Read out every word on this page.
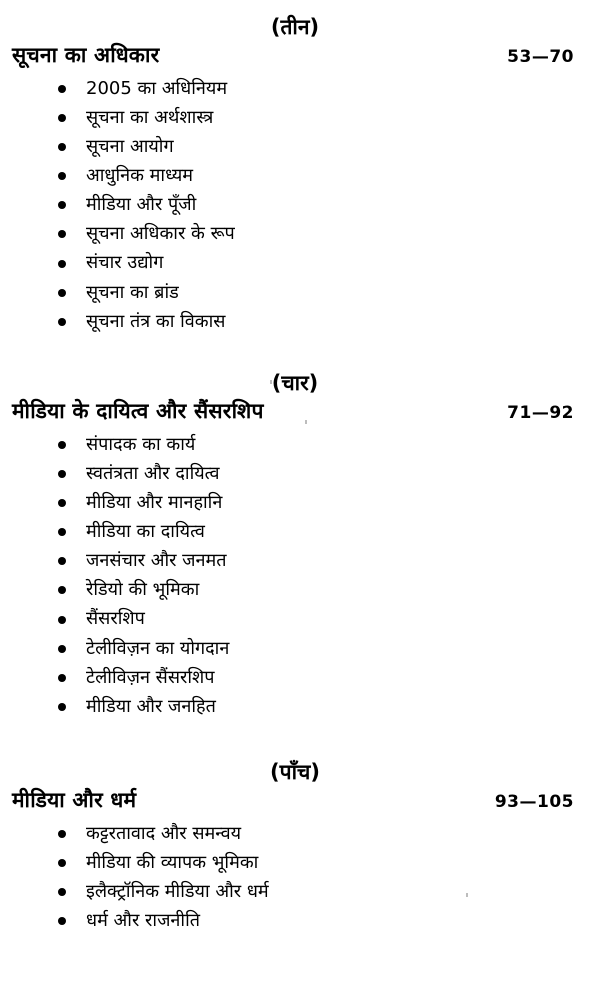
(तीन)
सूचना का अधिकार	53—70
2005 का अधिनियम
सूचना का अर्थशास्त्र
सूचना आयोग
आधुनिक माध्यम
मीडिया और पूँजी
सूचना अधिकार के रूप
संचार उद्योग
सूचना का ब्रांड
सूचना तंत्र का विकास
(चार)
मीडिया के दायित्व और सैंसरशिप	71—92
संपादक का कार्य
स्वतंत्रता और दायित्व
मीडिया और मानहानि
मीडिया का दायित्व
जनसंचार और जनमत
रेडियो की भूमिका
सैंसरशिप
टेलीविज़न का योगदान
टेलीविज़न सैंसरशिप
मीडिया और जनहित
(पाँच)
मीडिया और धर्म	93—105
कट्टरतावाद और समन्वय
मीडिया की व्यापक भूमिका
इलैक्ट्रॉनिक मीडिया और धर्म
धर्म और राजनीति
